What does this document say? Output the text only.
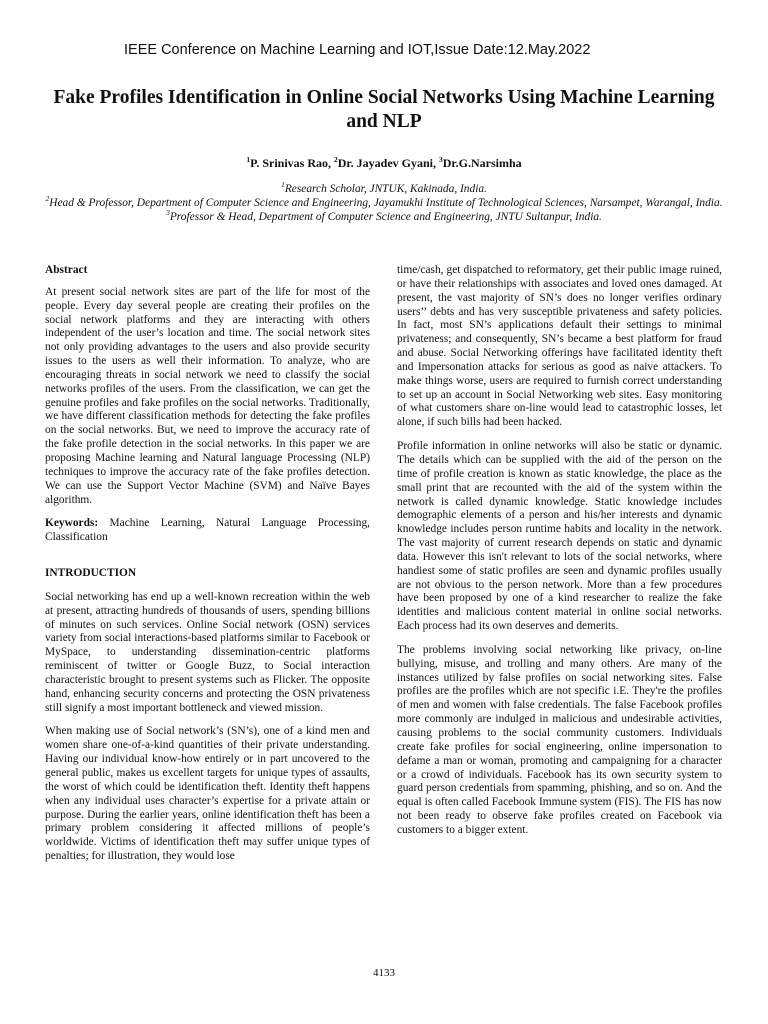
IEEE Conference on Machine Learning and IOT,Issue Date:12.May.2022
Fake Profiles Identification in Online Social Networks Using Machine Learning and NLP
$^1$P. Srinivas Rao, $^2$Dr. Jayadev Gyani, $^3$Dr.G.Narsimha
$^1$Research Scholar, JNTUK, Kakinada, India.
$^2$Head & Professor, Department of Computer Science and Engineering, Jayamukhi Institute of Technological Sciences, Narsampet, Warangal, India.
$^3$Professor & Head, Department of Computer Science and Engineering, JNTU Sultanpur, India.
Abstract

At present social network sites are part of the life for most of the people. Every day several people are creating their profiles on the social network platforms and they are interacting with others independent of the user’s location and time. The social network sites not only providing advantages to the users and also provide security issues to the users as well their information. To analyze, who are encouraging threats in social network we need to classify the social networks profiles of the users. From the classification, we can get the genuine profiles and fake profiles on the social networks. Traditionally, we have different classification methods for detecting the fake profiles on the social networks. But, we need to improve the accuracy rate of the fake profile detection in the social networks. In this paper we are proposing Machine learning and Natural language Processing (NLP) techniques to improve the accuracy rate of the fake profiles detection. We can use the Support Vector Machine (SVM) and Naïve Bayes algorithm.

Keywords: Machine Learning, Natural Language Processing, Classification

INTRODUCTION

Social networking has end up a well-known recreation within the web at present, attracting hundreds of thousands of users, spending billions of minutes on such services. Online Social network (OSN) services variety from social interactions-based platforms similar to Facebook or MySpace, to understanding dissemination-centric platforms reminiscent of twitter or Google Buzz, to Social interaction characteristic brought to present systems such as Flicker. The opposite hand, enhancing security concerns and protecting the OSN privateness still signify a most important bottleneck and viewed mission.

When making use of Social network’s (SN’s), one of a kind men and women share one-of-a-kind quantities of their private understanding. Having our individual know-how entirely or in part uncovered to the general public, makes us excellent targets for unique types of assaults, the worst of which could be identification theft. Identity theft happens when any individual uses character’s expertise for a private attain or purpose. During the earlier years, online identification theft has been a primary problem considering it affected millions of people’s worldwide. Victims of identification theft may suffer unique types of penalties; for illustration, they would lose

time/cash, get dispatched to reformatory, get their public image ruined, or have their relationships with associates and loved ones damaged. At present, the vast majority of SN’s does no longer verifies ordinary users’’ debts and has very susceptible privateness and safety policies. In fact, most SN’s applications default their settings to minimal privateness; and consequently, SN’s became a best platform for fraud and abuse. Social Networking offerings have facilitated identity theft and Impersonation attacks for serious as good as naive attackers. To make things worse, users are required to furnish correct understanding to set up an account in Social Networking web sites. Easy monitoring of what customers share on-line would lead to catastrophic losses, let alone, if such bills had been hacked.

Profile information in online networks will also be static or dynamic. The details which can be supplied with the aid of the person on the time of profile creation is known as static knowledge, the place as the small print that are recounted with the aid of the system within the network is called dynamic knowledge. Static knowledge includes demographic elements of a person and his/her interests and dynamic knowledge includes person runtime habits and locality in the network. The vast majority of current research depends on static and dynamic data. However this isn't relevant to lots of the social networks, where handiest some of static profiles are seen and dynamic profiles usually are not obvious to the person network. More than a few procedures have been proposed by one of a kind researcher to realize the fake identities and malicious content material in online social networks. Each process had its own deserves and demerits.

The problems involving social networking like privacy, on-line bullying, misuse, and trolling and many others. Are many of the instances utilized by false profiles on social networking sites. False profiles are the profiles which are not specific i.E. They're the profiles of men and women with false credentials. The false Facebook profiles more commonly are indulged in malicious and undesirable activities, causing problems to the social community customers. Individuals create fake profiles for social engineering, online impersonation to defame a man or woman, promoting and campaigning for a character or a crowd of individuals. Facebook has its own security system to guard person credentials from spamming, phishing, and so on. And the equal is often called Facebook Immune system (FIS). The FIS has now not been ready to observe fake profiles created on Facebook via customers to a bigger extent.

4133
